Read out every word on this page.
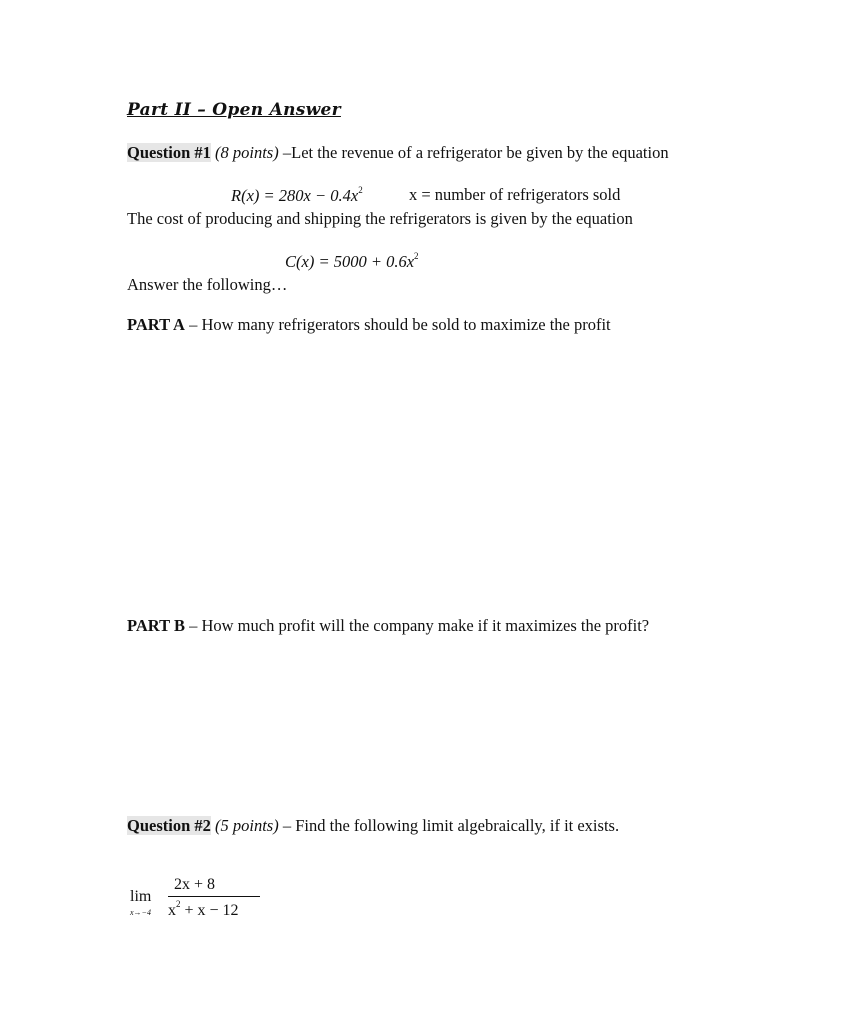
Part II – Open Answer
Question #1 (8 points) –Let the revenue of a refrigerator be given by the equation
$R(x) = 280x - 0.4x^2$	x = number of refrigerators sold
The cost of producing and shipping the refrigerators is given by the equation
$C(x) = 5000 + 0.6x^2$
Answer the following…
PART A – How many refrigerators should be sold to maximize the profit
PART B – How much profit will the company make if it maximizes the profit?
Question #2 (5 points) – Find the following limit algebraically, if it exists.
lim
x→−4
2x + 8
$x^2 + x - 12$
